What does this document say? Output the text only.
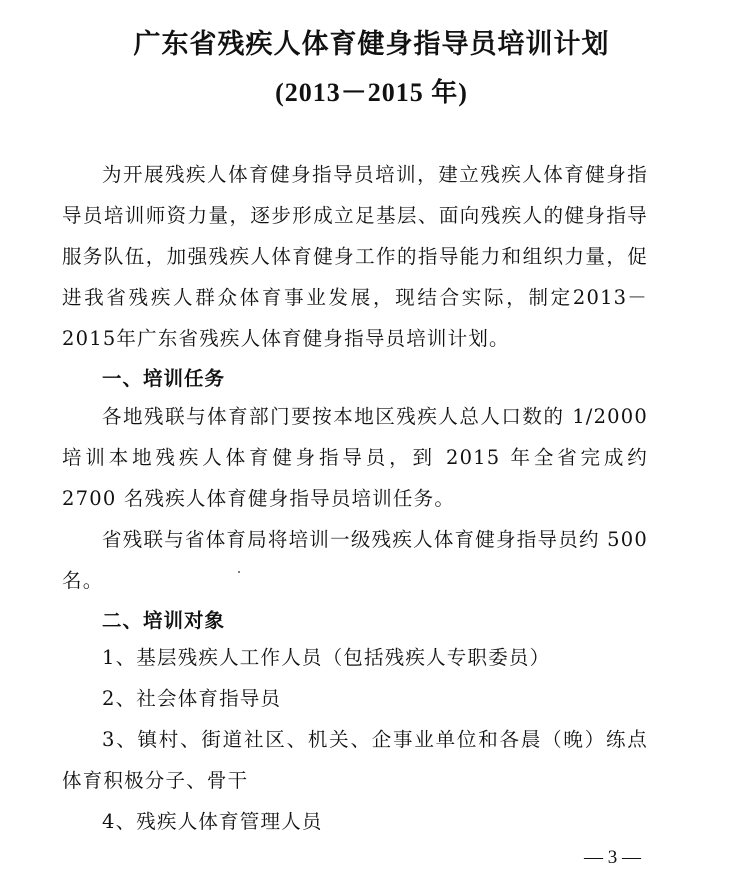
广东省残疾人体育健身指导员培训计划
(2013－2015 年)

为开展残疾人体育健身指导员培训，建立残疾人体育健身指导员培训师资力量，逐步形成立足基层、面向残疾人的健身指导服务队伍，加强残疾人体育健身工作的指导能力和组织力量，促进我省残疾人群众体育事业发展，现结合实际，制定2013－2015年广东省残疾人体育健身指导员培训计划。

一、培训任务

各地残联与体育部门要按本地区残疾人总人口数的 1/2000 培训本地残疾人体育健身指导员，到 2015 年全省完成约 2700 名残疾人体育健身指导员培训任务。

省残联与省体育局将培训一级残疾人体育健身指导员约 500 名。

二、培训对象

1、基层残疾人工作人员（包括残疾人专职委员）

2、社会体育指导员

3、镇村、街道社区、机关、企事业单位和各晨（晚）练点体育积极分子、骨干

4、残疾人体育管理人员

— 3 —
